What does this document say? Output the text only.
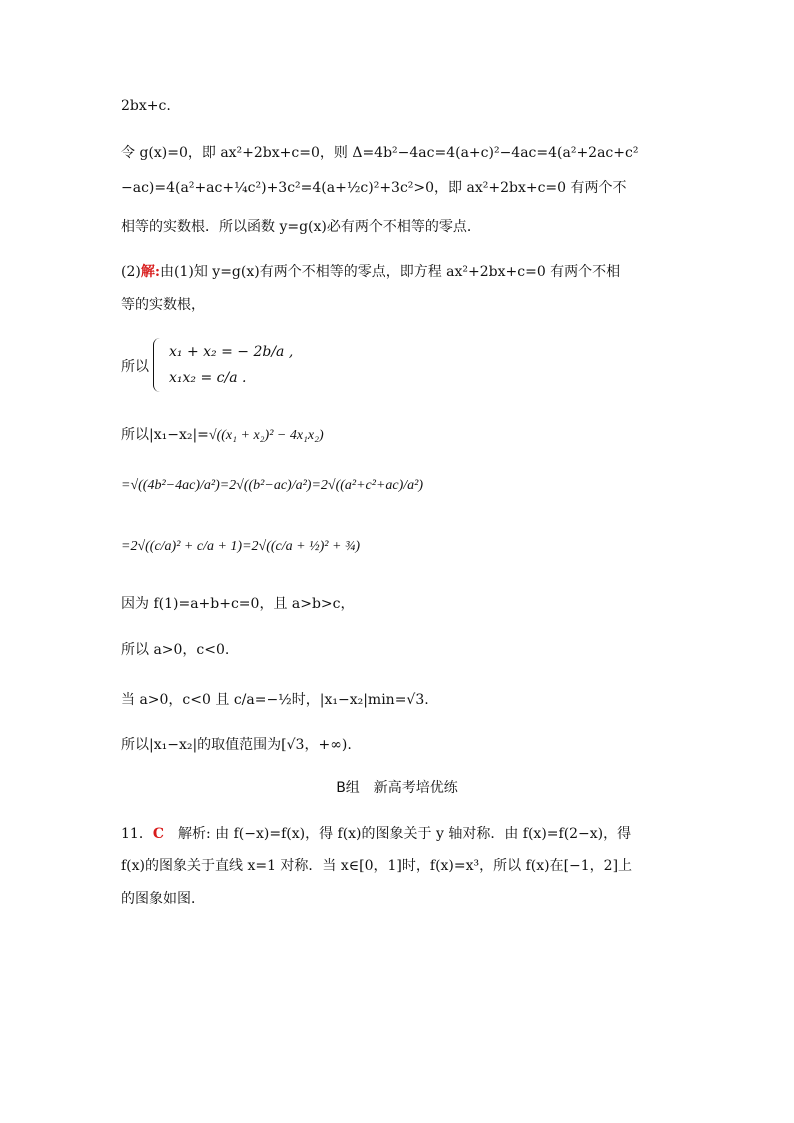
2bx+c.
令 g(x)=0，即 ax²+2bx+c=0，则 Δ=4b²−4ac=4(a+c)²−4ac=4(a²+2ac+c²
−ac)=4(a²+ac+¼c²)+3c²=4(a+½c)²+3c²>0，即 ax²+2bx+c=0 有两个不
相等的实数根．所以函数 y=g(x)必有两个不相等的零点．
(2)解:由(1)知 y=g(x)有两个不相等的零点，即方程 ax²+2bx+c=0 有两个不相
等的实数根，
所以
x₁ + x₂ = − 2b/a ,
x₁x₂ = c/a .
所以|x₁−x₂|=√((x₁ + x₂)² − 4x₁x₂)
=√((4b²−4ac)/a²)=2√((b²−ac)/a²)=2√((a²+c²+ac)/a²)
=2√((c/a)² + c/a + 1)=2√((c/a + ½)² + ¾)
因为 f(1)=a+b+c=0，且 a>b>c，
所以 a>0，c<0.
当 a>0，c<0 且 c/a=−½时，|x₁−x₂|min=√3.
所以|x₁−x₂|的取值范围为[√3，+∞).
B组　新高考培优练
11．C　 解析: 由 f(−x)=f(x)，得 f(x)的图象关于 y 轴对称．由 f(x)=f(2−x)，得
f(x)的图象关于直线 x=1 对称．当 x∈[0，1]时，f(x)=x³，所以 f(x)在[−1，2]上
的图象如图．
